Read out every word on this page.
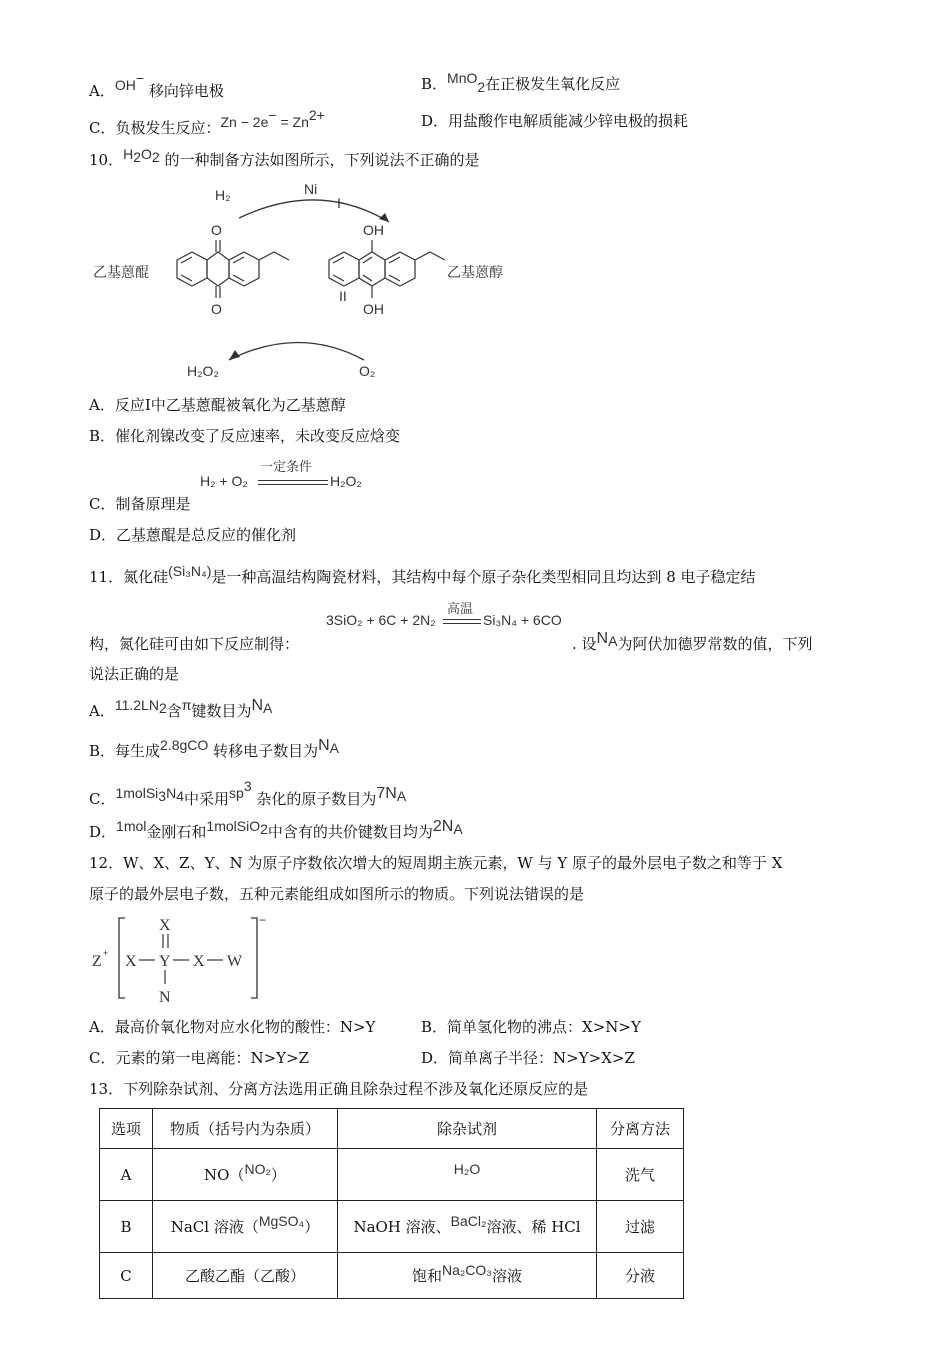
A．OH− 移向锌电极	B．MnO2在正极发生氧化反应
C．负极发生反应：Zn − 2e− = Zn2+	D．用盐酸作电解质能减少锌电极的损耗
10．H2O2 的一种制备方法如图所示，下列说法不正确的是
H₂	Ni
I
乙基蒽醌
O
O
OH
OH
II
乙基蒽醇
H₂O₂	O₂
A．反应Ⅰ中乙基蒽醌被氧化为乙基蒽醇
B．催化剂镍改变了反应速率，未改变反应焓变
H₂ + O₂
一定条件
H₂O₂
C．制备原理是
D．乙基蒽醌是总反应的催化剂
11．氮化硅(Si₃N₄)是一种高温结构陶瓷材料，其结构中每个原子杂化类型相同且均达到 8 电子稳定结
3SiO₂ + 6C + 2N₂
高温
Si₃N₄ + 6CO
构，氮化硅可由如下反应制得：	. 设NA为阿伏加德罗常数的值，下列
说法正确的是
A．11.2LN2含π键数目为NA
B．每生成2.8gCO 转移电子数目为NA
C．1molSi3N4中采用sp3 杂化的原子数目为7NA
D．1mol金刚石和1molSiO2中含有的共价键数目均为2NA
12．W、X、Z、Y、N 为原子序数依次增大的短周期主族元素，W 与 Y 原子的最外层电子数之和等于 X
原子的最外层电子数，五种元素能组成如图所示的物质。下列说法错误的是
Z +
−
X
X Y X W
N
A．最高价氧化物对应水化物的酸性：N>Y	B．简单氢化物的沸点：X>N>Y
C．元素的第一电离能：N>Y>Z	D．简单离子半径：N>Y>X>Z
13．下列除杂试剂、分离方法选用正确且除杂过程不涉及氧化还原反应的是
选项	物质（括号内为杂质）	除杂试剂	分离方法
A	NO（NO₂）	H₂O	洗气
B	NaCl 溶液（MgSO₄）	NaOH 溶液、BaCl₂溶液、稀 HCl	过滤
C	乙酸乙酯（乙酸）	饱和Na₂CO₃溶液	分液
